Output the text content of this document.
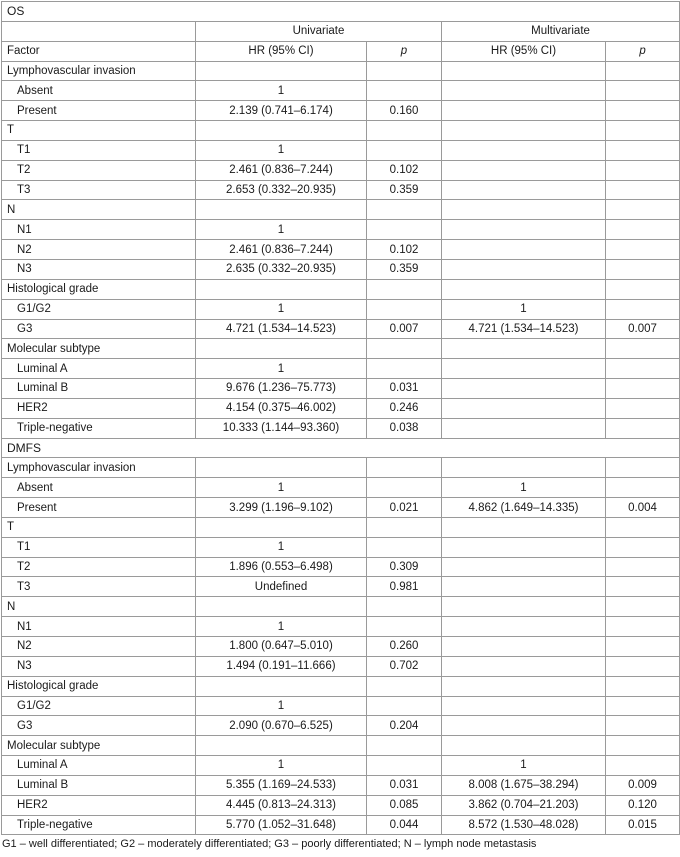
OS				
	Univariate		Multivariate	
Factor	HR (95% CI)	p	HR (95% CI)	p
Lymphovascular invasion				
Absent	1			
Present	2.139 (0.741–6.174)	0.160		
T				
T1	1			
T2	2.461 (0.836–7.244)	0.102		
T3	2.653 (0.332–20.935)	0.359		
N				
N1	1			
N2	2.461 (0.836–7.244)	0.102		
N3	2.635 (0.332–20.935)	0.359		
Histological grade				
G1/G2	1		1	
G3	4.721 (1.534–14.523)	0.007	4.721 (1.534–14.523)	0.007
Molecular subtype				
Luminal A	1			
Luminal B	9.676 (1.236–75.773)	0.031		
HER2	4.154 (0.375–46.002)	0.246		
Triple-negative	10.333 (1.144–93.360)	0.038		
DMFS				
Lymphovascular invasion				
Absent	1		1	
Present	3.299 (1.196–9.102)	0.021	4.862 (1.649–14.335)	0.004
T				
T1	1			
T2	1.896 (0.553–6.498)	0.309		
T3	Undefined	0.981		
N				
N1	1			
N2	1.800 (0.647–5.010)	0.260		
N3	1.494 (0.191–11.666)	0.702		
Histological grade				
G1/G2	1			
G3	2.090 (0.670–6.525)	0.204		
Molecular subtype				
Luminal A	1		1	
Luminal B	5.355 (1.169–24.533)	0.031	8.008 (1.675–38.294)	0.009
HER2	4.445 (0.813–24.313)	0.085	3.862 (0.704–21.203)	0.120
Triple-negative	5.770 (1.052–31.648)	0.044	8.572 (1.530–48.028)	0.015
G1 – well differentiated; G2 – moderately differentiated; G3 – poorly differentiated; N – lymph node metastasis
